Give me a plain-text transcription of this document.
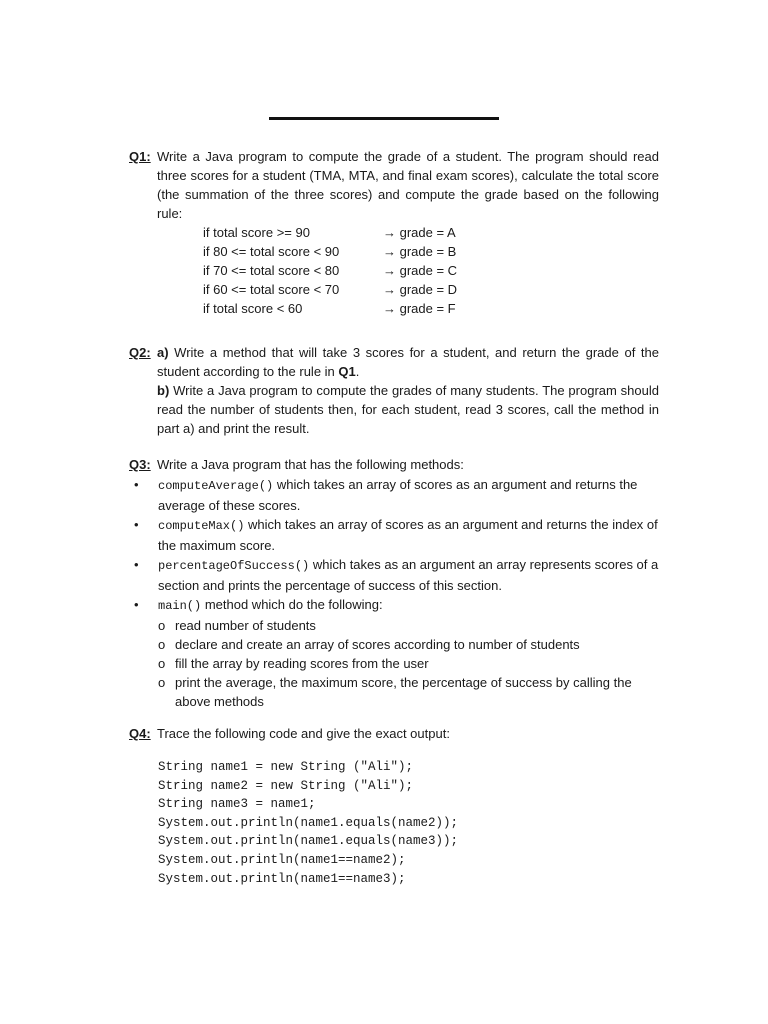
Q1: Write a Java program to compute the grade of a student. The program should read three scores for a student (TMA, MTA, and final exam scores), calculate the total score (the summation of the three scores) and compute the grade based on the following rule:

if total score >= 90	→ grade = A
if 80 <= total score < 90	→ grade = B
if 70 <= total score < 80	→ grade = C
if 60 <= total score < 70	→ grade = D
if total score < 60	→ grade = F
Q2: a) Write a method that will take 3 scores for a student, and return the grade of the student according to the rule in Q1.

b) Write a Java program to compute the grades of many students. The program should read the number of students then, for each student, read 3 scores, call the method in part a) and print the result.

Q3: Write a Java program that has the following methods:

• computeAverage() which takes an array of scores as an argument and returns the average of these scores.
• computeMax() which takes an array of scores as an argument and returns the index of the maximum score.
• percentageOfSuccess() which takes as an argument an array represents scores of a section and prints the percentage of success of this section.
• main() method which do the following:
o read number of students
o declare and create an array of scores according to number of students
o fill the array by reading scores from the user
o print the average, the maximum score, the percentage of success by calling the above methods
Q4: Trace the following code and give the exact output:

String name1 = new String ("Ali");
String name2 = new String ("Ali");
String name3 = name1;
System.out.println(name1.equals(name2));
System.out.println(name1.equals(name3));
System.out.println(name1==name2);
System.out.println(name1==name3);
